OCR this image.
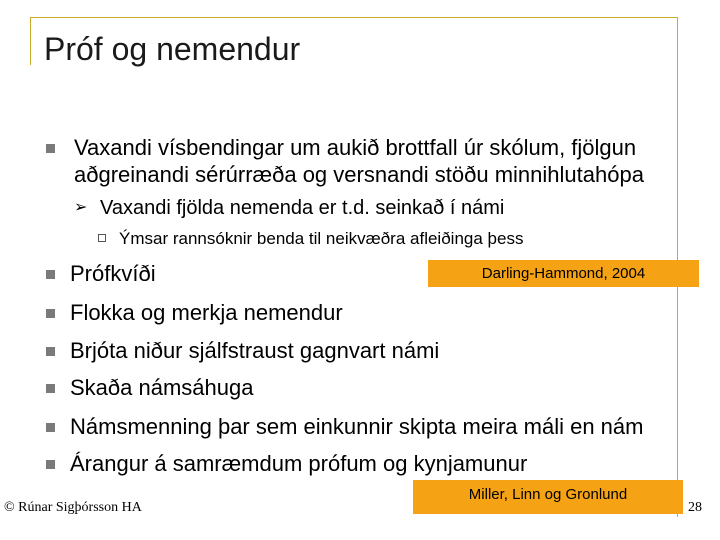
Próf og nemendur
Vaxandi vísbendingar um aukið brottfall úr skólum, fjölgun
aðgreinandi sérúrræða og versnandi stöðu minnihlutahópa
➢ Vaxandi fjölda nemenda er t.d. seinkað í námi
Ýmsar rannsóknir benda til neikvæðra afleiðinga þess
Darling-Hammond, 2004
Prófkvíði
Flokka og merkja nemendur
Brjóta niður sjálfstraust gagnvart námi
Skaða námsáhuga
Námsmenning þar sem einkunnir skipta meira máli en nám
Árangur á samræmdum prófum og kynjamunur
Miller, Linn og Gronlund
© Rúnar Sigþórsson HA	28
